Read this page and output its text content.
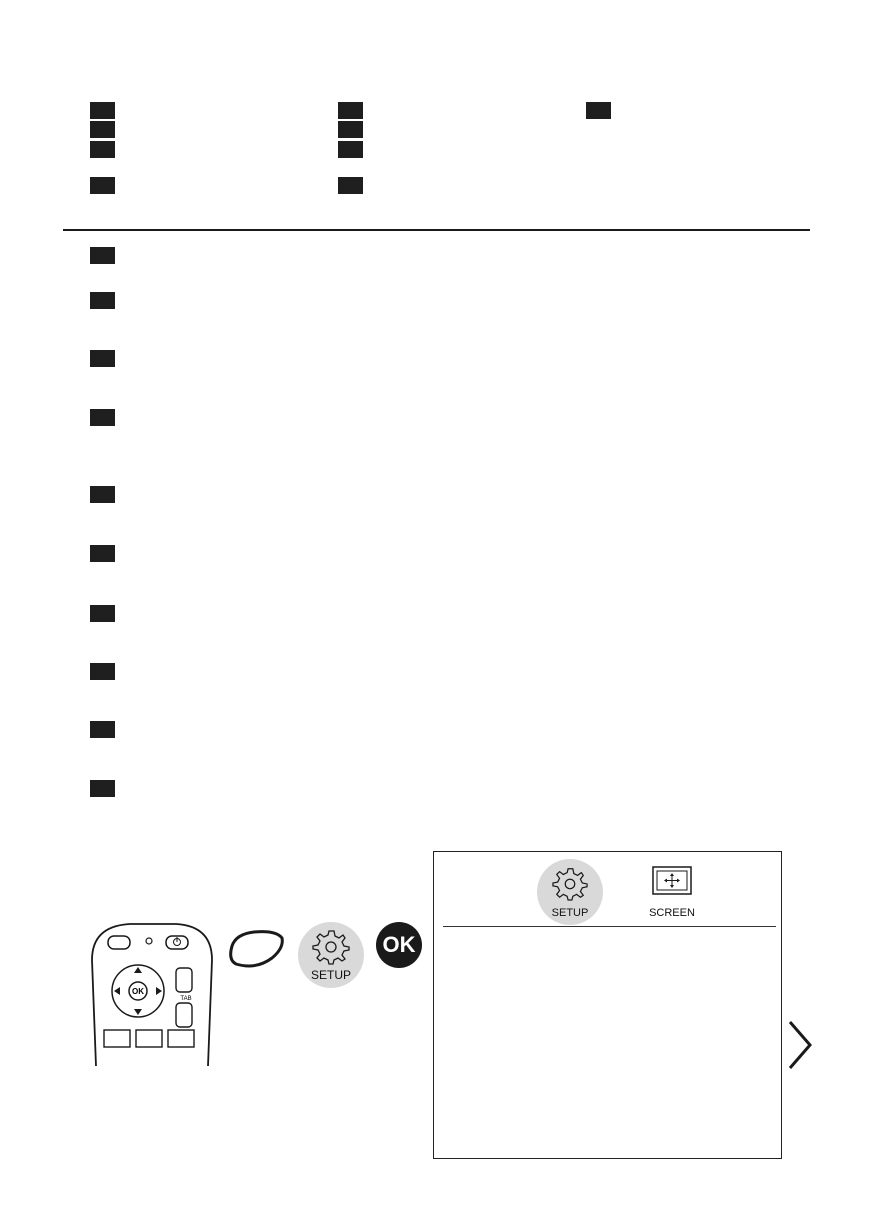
OK
TAB
SETUP
OK
SETUP	SCREEN
